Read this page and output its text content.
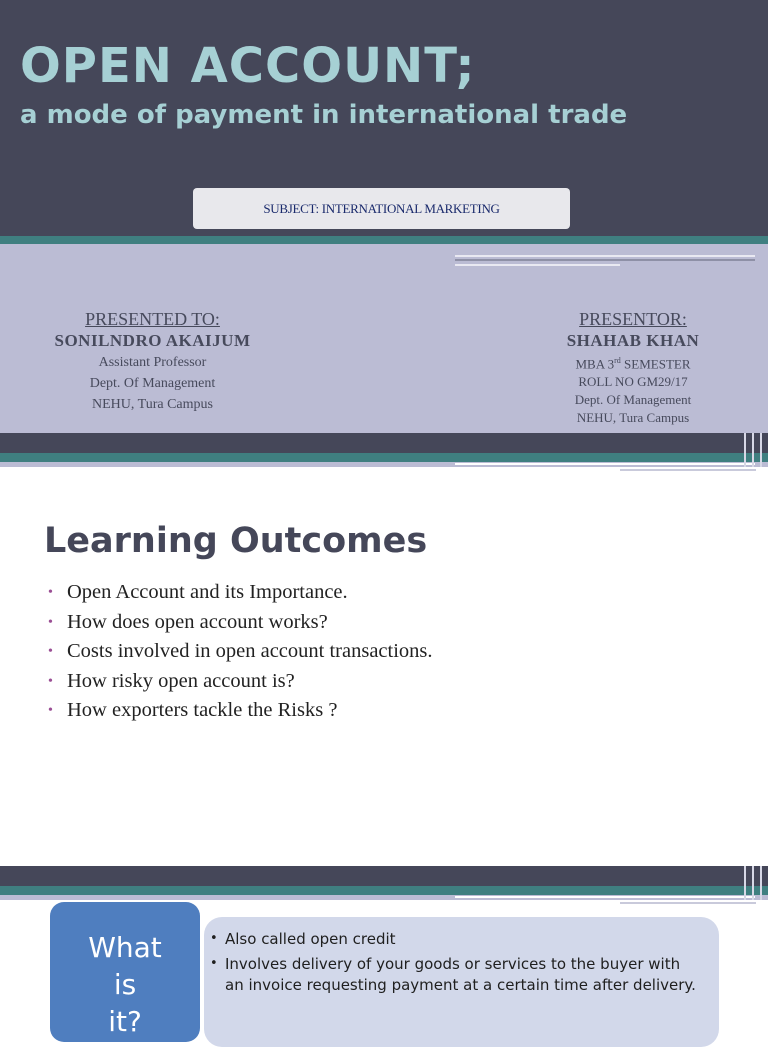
OPEN ACCOUNT;
a mode of payment in international trade
SUBJECT: INTERNATIONAL MARKETING
PRESENTED TO:
SONILNDRO AKAIJUM
Assistant Professor
Dept. Of Management
NEHU, Tura Campus
PRESENTOR:
SHAHAB KHAN
MBA 3rd SEMESTER
ROLL NO GM29/17
Dept. Of Management
NEHU, Tura Campus
Learning Outcomes
• Open Account and its Importance.
• How does open account works?
• Costs involved in open account transactions.
• How risky open account is?
• How exporters tackle the Risks ?
What
is
it?
• Also called open credit
• Involves delivery of your goods or services to the buyer with an invoice requesting payment at a certain time after delivery.
